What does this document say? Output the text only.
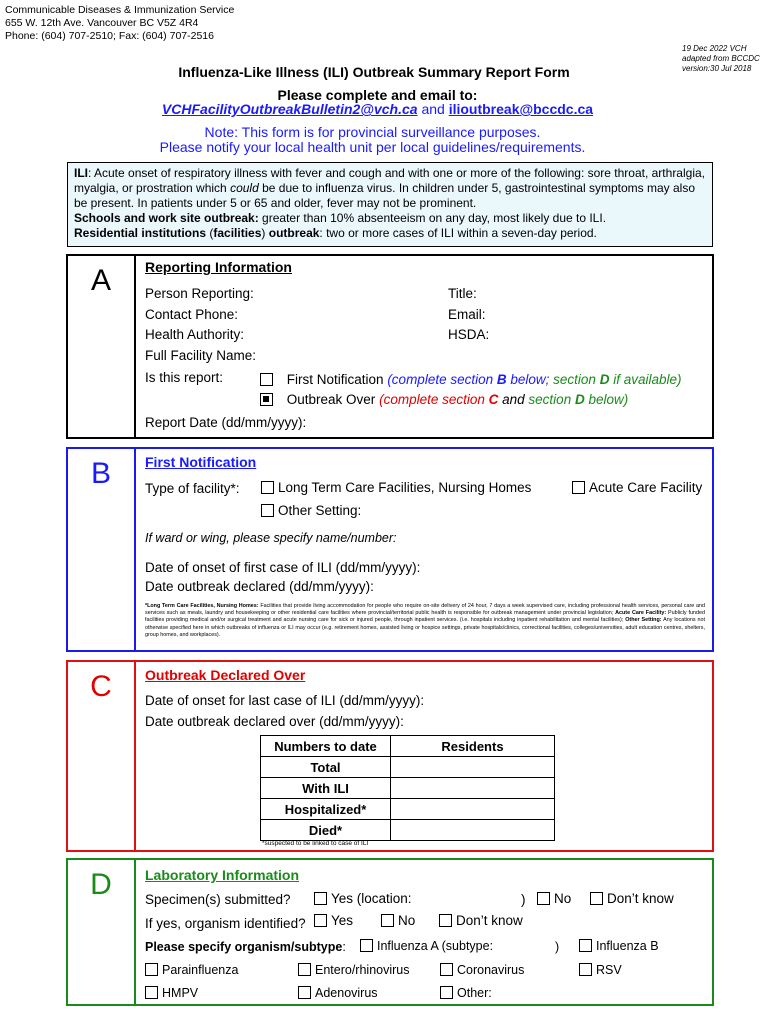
Communicable Diseases & Immunization Service
655 W. 12th Ave. Vancouver BC V5Z 4R4
Phone: (604) 707-2510; Fax: (604) 707-2516
19 Dec 2022 VCH
adapted from BCCDC
version:30 Jul 2018
Influenza-Like Illness (ILI) Outbreak Summary Report Form
Please complete and email to:
VCHFacilityOutbreakBulletin2@vch.ca and ilioutbreak@bccdc.ca
Note: This form is for provincial surveillance purposes.
Please notify your local health unit per local guidelines/requirements.
ILI: Acute onset of respiratory illness with fever and cough and with one or more of the following: sore throat, arthralgia, myalgia, or prostration which could be due to influenza virus. In children under 5, gastrointestinal symptoms may also be present. In patients under 5 or 65 and older, fever may not be prominent.
Schools and work site outbreak: greater than 10% absenteeism on any day, most likely due to ILI.
Residential institutions (facilities) outbreak: two or more cases of ILI within a seven-day period.
A	Reporting Information
Person Reporting:
Contact Phone:
Health Authority:
Full Facility Name:
Title:
Email:
HSDA:
Is this report:	First Notification (complete section B below; section D if available)
Outbreak Over (complete section C and section D below)
Report Date (dd/mm/yyyy):
B	First Notification
Type of facility*:	Long Term Care Facilities, Nursing Homes	Acute Care Facility
Other Setting:
If ward or wing, please specify name/number:
Date of onset of first case of ILI (dd/mm/yyyy):
Date outbreak declared (dd/mm/yyyy):
*Long Term Care Facilities, Nursing Homes: Facilities that provide living accommodation for people who require on-site delivery of 24 hour, 7 days a week supervised care, including professional health services, personal care and services such as meals, laundry and housekeeping or other residential care facilities where provincial/territorial public health is responsible for outbreak management under provincial legislation; Acute Care Facility: Publicly funded facilities providing medical and/or surgical treatment and acute nursing care for sick or injured people, through inpatient services. (i.e. hospitals including inpatient rehabilitation and mental facilities); Other Setting: Any locations not otherwise specified here in which outbreaks of influenza or ILI may occur (e.g. retirement homes, assisted living or hospice settings, private hospitals/clinics, correctional facilities, colleges/universities, adult education centres, shelters, group homes, and workplaces).
C	Outbreak Declared Over
Date of onset for last case of ILI (dd/mm/yyyy):
Date outbreak declared over (dd/mm/yyyy):
Numbers to date	Residents
Total	
With ILI	
Hospitalized*	
Died*	
*suspected to be linked to case of ILI
D	Laboratory Information
Specimen(s) submitted?	Yes (location:	)	No	Don’t know
If yes, organism identified?	Yes	No	Don’t know
Please specify organism/subtype:	Influenza A (subtype:	)	Influenza B
Parainfluenza	Entero/rhinovirus	Coronavirus	RSV
HMPV	Adenovirus	Other:
